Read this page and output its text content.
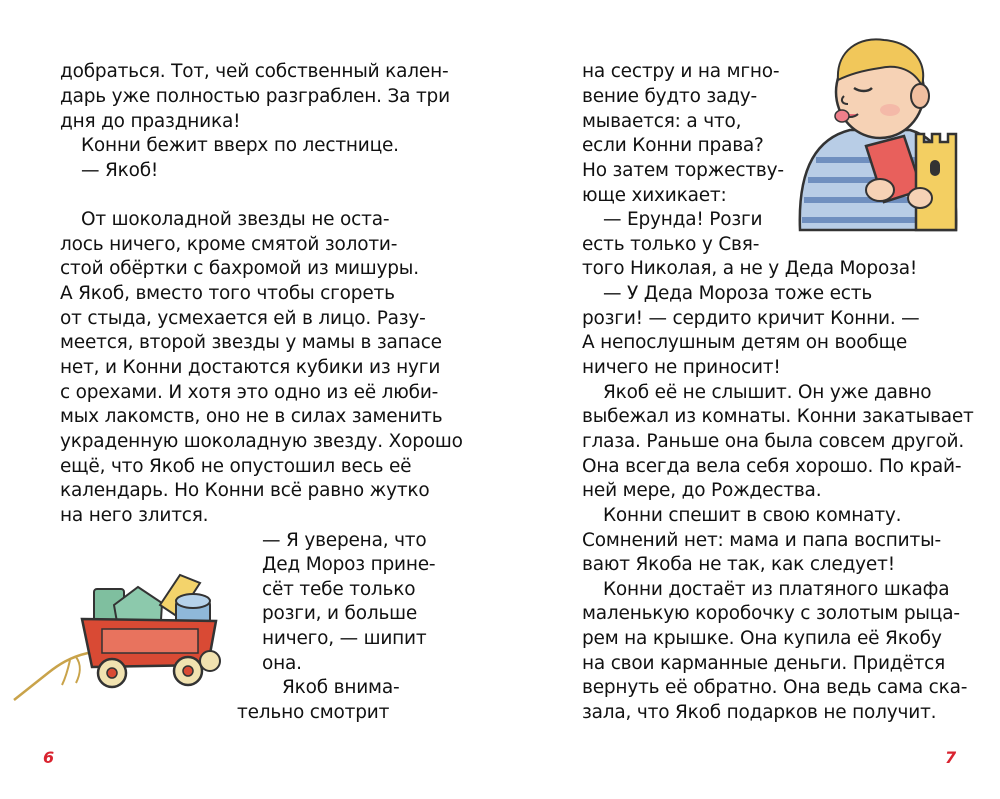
добраться. Тот, чей собственный кален-
дарь уже полностью разграблен. За три
дня до праздника!
Конни бежит вверх по лестнице.
— Якоб!
От шоколадной звезды не оста-
лось ничего, кроме смятой золоти-
стой обёртки с бахромой из мишуры.
А Якоб, вместо того чтобы сгореть
от стыда, усмехается ей в лицо. Разу-
меется, второй звезды у мамы в запасе
нет, и Конни достаются кубики из нуги
с орехами. И хотя это одно из её люби-
мых лакомств, оно не в силах заменить
украденную шоколадную звезду. Хорошо
ещё, что Якоб не опустошил весь её
календарь. Но Конни всё равно жутко
на него злится.
— Я уверена, что
Дед Мороз прине-
сёт тебе только
розги, и больше
ничего, — шипит
она.
Якоб внима-
тельно смотрит
6
на сестру и на мгно-
вение будто заду-
мывается: а что,
если Конни права?
Но затем торжеству-
юще хихикает:
— Ерунда! Розги
есть только у Свя-
того Николая, а не у Деда Мороза!
— У Деда Мороза тоже есть
розги! — сердито кричит Конни. —
А непослушным детям он вообще
ничего не приносит!
Якоб её не слышит. Он уже давно
выбежал из комнаты. Конни закатывает
глаза. Раньше она была совсем другой.
Она всегда вела себя хорошо. По край-
ней мере, до Рождества.
Конни спешит в свою комнату.
Сомнений нет: мама и папа воспиты-
вают Якоба не так, как следует!
Конни достаёт из платяного шкафа
маленькую коробочку с золотым рыца-
рем на крышке. Она купила её Якобу
на свои карманные деньги. Придётся
вернуть её обратно. Она ведь сама ска-
зала, что Якоб подарков не получит.
7
